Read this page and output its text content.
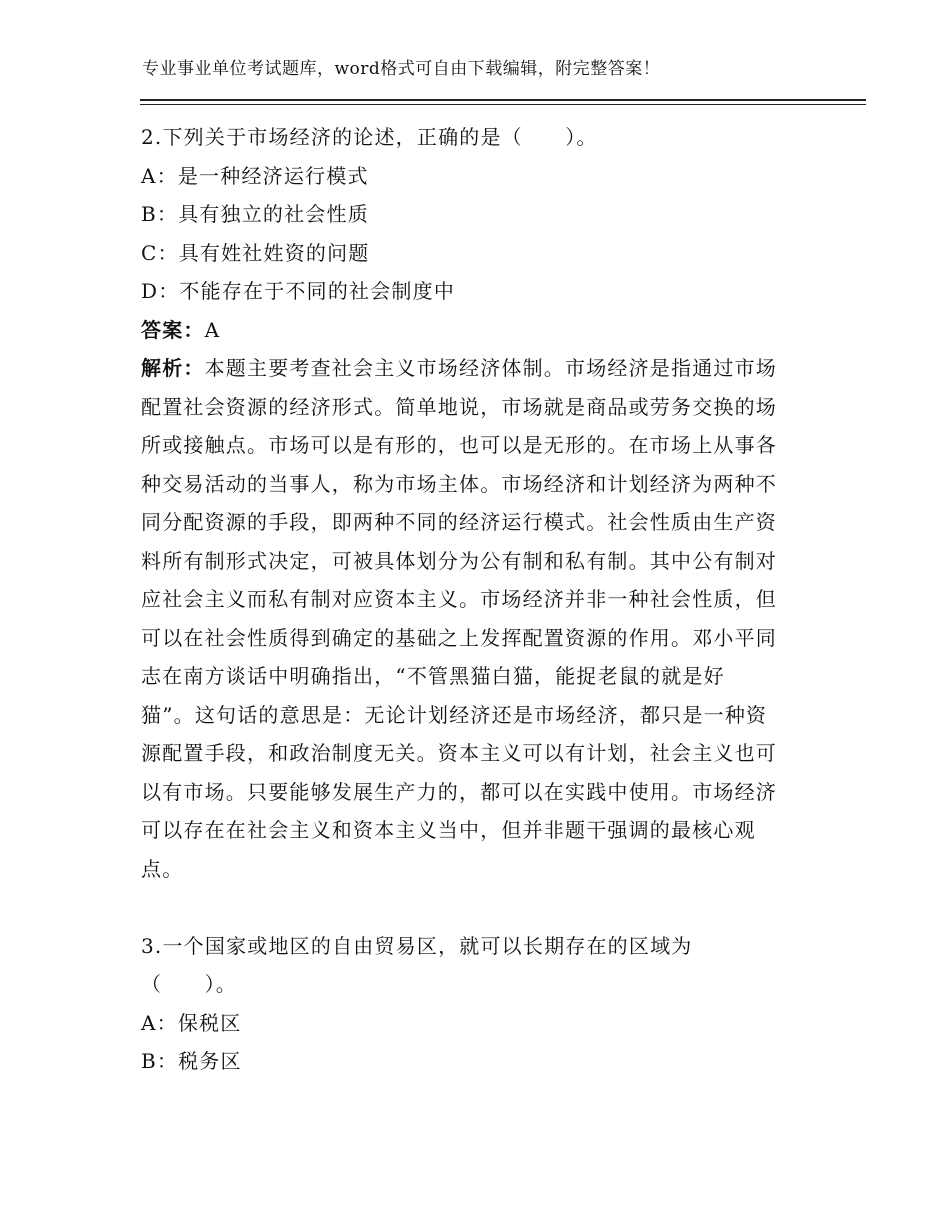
专业事业单位考试题库，word格式可自由下载编辑，附完整答案！
2.下列关于市场经济的论述，正确的是（　　）。
A：是一种经济运行模式
B：具有独立的社会性质
C：具有姓社姓资的问题
D：不能存在于不同的社会制度中
答案：A
解析：本题主要考查社会主义市场经济体制。市场经济是指通过市场
配置社会资源的经济形式。简单地说，市场就是商品或劳务交换的场
所或接触点。市场可以是有形的，也可以是无形的。在市场上从事各
种交易活动的当事人，称为市场主体。市场经济和计划经济为两种不
同分配资源的手段，即两种不同的经济运行模式。社会性质由生产资
料所有制形式决定，可被具体划分为公有制和私有制。其中公有制对
应社会主义而私有制对应资本主义。市场经济并非一种社会性质，但
可以在社会性质得到确定的基础之上发挥配置资源的作用。邓小平同
志在南方谈话中明确指出，“不管黑猫白猫，能捉老鼠的就是好
猫”。这句话的意思是：无论计划经济还是市场经济，都只是一种资
源配置手段，和政治制度无关。资本主义可以有计划，社会主义也可
以有市场。只要能够发展生产力的，都可以在实践中使用。市场经济
可以存在在社会主义和资本主义当中，但并非题干强调的最核心观
点。
3.一个国家或地区的自由贸易区，就可以长期存在的区域为
（　　）。
A：保税区
B：税务区
